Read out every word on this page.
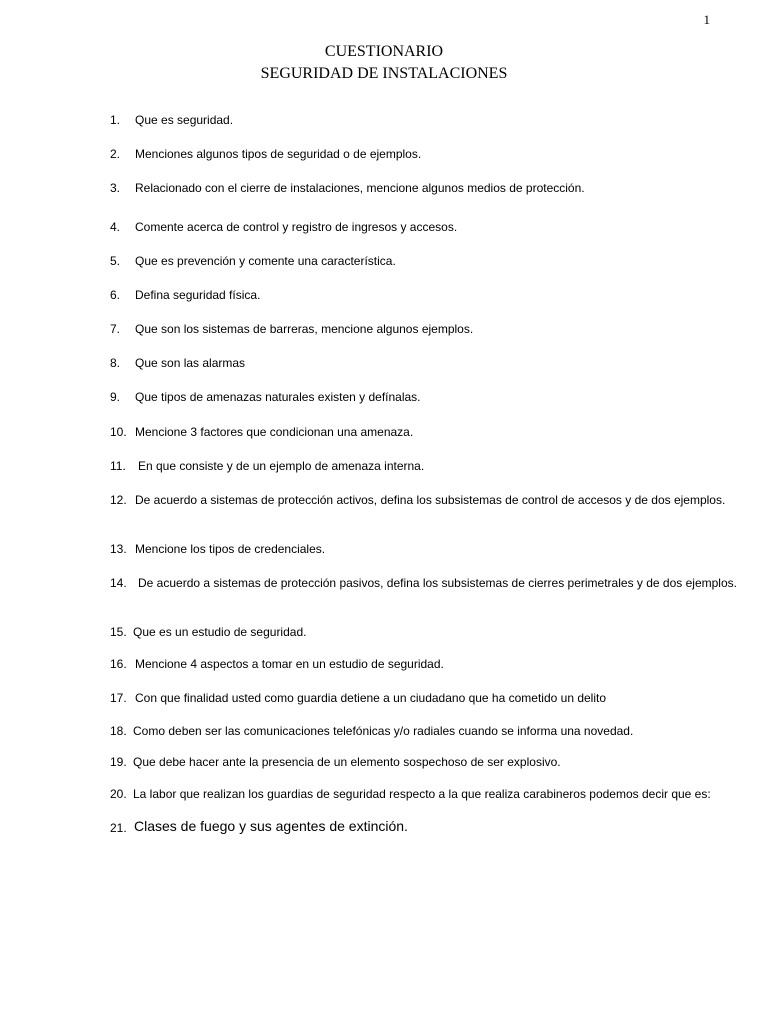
1
CUESTIONARIO
SEGURIDAD DE INSTALACIONES
1. Que es seguridad.
2. Menciones algunos tipos de seguridad o de ejemplos.
3. Relacionado con el cierre de instalaciones, mencione algunos medios de protección.
4. Comente acerca de control y registro de ingresos y accesos.
5. Que es prevención y comente una característica.
6. Defina seguridad física.
7. Que son los sistemas de barreras, mencione algunos ejemplos.
8. Que son las alarmas
9. Que tipos de amenazas naturales existen y defínalas.
10. Mencione 3 factores que condicionan una amenaza.
11. En que consiste y de un ejemplo de amenaza interna.
12. De acuerdo a sistemas de protección activos, defina los subsistemas de control de accesos y de dos ejemplos.
13. Mencione los tipos de credenciales.
14. De acuerdo a sistemas de protección pasivos, defina los subsistemas de cierres perimetrales y de dos ejemplos.
15. Que es un estudio de seguridad.
16. Mencione 4 aspectos a tomar en un estudio de seguridad.
17. Con que finalidad usted como guardia detiene a un ciudadano que ha cometido un delito
18. Como deben ser las comunicaciones telefónicas y/o radiales cuando se informa una novedad.
19. Que debe hacer ante la presencia de un elemento sospechoso de ser explosivo.
20. La labor que realizan los guardias de seguridad respecto a la que realiza carabineros podemos decir que es:
21. Clases de fuego y sus agentes de extinción.
